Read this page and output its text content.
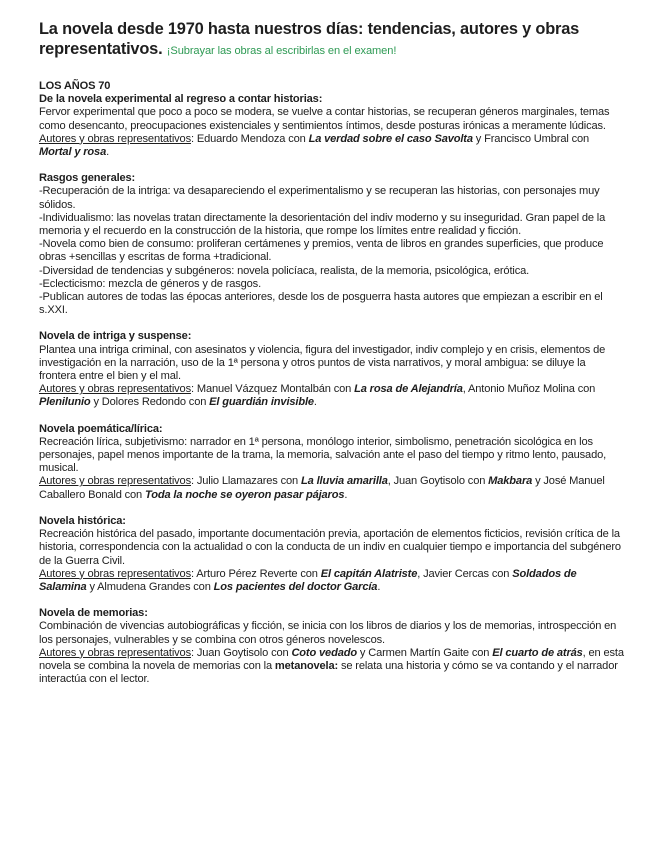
La novela desde 1970 hasta nuestros días: tendencias, autores y obras representativos. ¡Subrayar las obras al escribirlas en el examen!

LOS AÑOS 70

De la novela experimental al regreso a contar historias:

Fervor experimental que poco a poco se modera, se vuelve a contar historias, se recuperan géneros marginales, temas como desencanto, preocupaciones existenciales y sentimientos íntimos, desde posturas irónicas a meramente lúdicas.

Autores y obras representativos: Eduardo Mendoza con La verdad sobre el caso Savolta y Francisco Umbral con Mortal y rosa.

Rasgos generales:

-Recuperación de la intriga: va desapareciendo el experimentalismo y se recuperan las historias, con personajes muy sólidos.

-Individualismo: las novelas tratan directamente la desorientación del indiv moderno y su inseguridad. Gran papel de la memoria y el recuerdo en la construcción de la historia, que rompe los límites entre realidad y ficción.

-Novela como bien de consumo: proliferan certámenes y premios, venta de libros en grandes superficies, que produce obras +sencillas y escritas de forma +tradicional.

-Diversidad de tendencias y subgéneros: novela policíaca, realista, de la memoria, psicológica, erótica.

-Eclecticismo: mezcla de géneros y de rasgos.

-Publican autores de todas las épocas anteriores, desde los de posguerra hasta autores que empiezan a escribir en el s.XXI.

Novela de intriga y suspense:

Plantea una intriga criminal, con asesinatos y violencia, figura del investigador, indiv complejo y en crisis, elementos de investigación en la narración, uso de la 1ª persona y otros puntos de vista narrativos, y moral ambigua: se diluye la frontera entre el bien y el mal.

Autores y obras representativos: Manuel Vázquez Montalbán con La rosa de Alejandría, Antonio Muñoz Molina con Plenilunio y Dolores Redondo con El guardián invisible.

Novela poemática/lírica:

Recreación lírica, subjetivismo: narrador en 1ª persona, monólogo interior, simbolismo, penetración sicológica en los personajes, papel menos importante de la trama, la memoria, salvación ante el paso del tiempo y ritmo lento, pausado, musical.

Autores y obras representativos: Julio Llamazares con La lluvia amarilla, Juan Goytisolo con Makbara y José Manuel Caballero Bonald con Toda la noche se oyeron pasar pájaros.

Novela histórica:

Recreación histórica del pasado, importante documentación previa, aportación de elementos ficticios, revisión crítica de la historia, correspondencia con la actualidad o con la conducta de un indiv en cualquier tiempo e importancia del subgénero de la Guerra Civil.

Autores y obras representativos: Arturo Pérez Reverte con El capitán Alatriste, Javier Cercas con Soldados de Salamina y Almudena Grandes con Los pacientes del doctor García.

Novela de memorias:

Combinación de vivencias autobiográficas y ficción, se inicia con los libros de diarios y los de memorias, introspección en los personajes, vulnerables y se combina con otros géneros novelescos.

Autores y obras representativos: Juan Goytisolo con Coto vedado y Carmen Martín Gaite con El cuarto de atrás, en esta novela se combina la novela de memorias con la metanovela: se relata una historia y cómo se va contando y el narrador interactúa con el lector.
